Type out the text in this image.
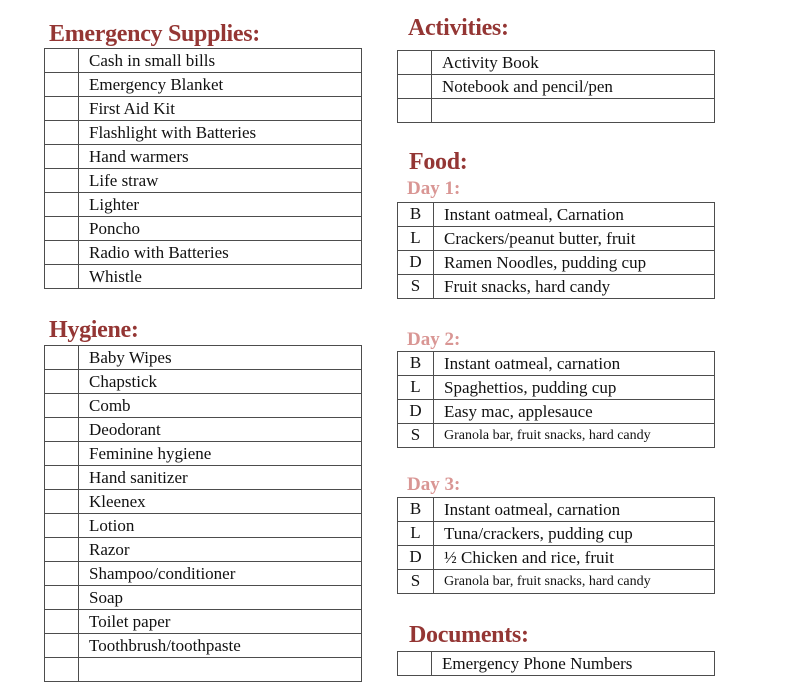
Emergency Supplies:
Cash in small bills
Emergency Blanket
First Aid Kit
Flashlight with Batteries
Hand warmers
Life straw
Lighter
Poncho
Radio with Batteries
Whistle
Hygiene:
Baby Wipes
Chapstick
Comb
Deodorant
Feminine hygiene
Hand sanitizer
Kleenex
Lotion
Razor
Shampoo/conditioner
Soap
Toilet paper
Toothbrush/toothpaste
Activities:
Activity Book
Notebook and pencil/pen
Food:
Day 1:
B	Instant oatmeal, Carnation
L	Crackers/peanut butter, fruit
D	Ramen Noodles, pudding cup
S	Fruit snacks, hard candy
Day 2:
B	Instant oatmeal, carnation
L	Spaghettios, pudding cup
D	Easy mac, applesauce
S	Granola bar, fruit snacks, hard candy
Day 3:
B	Instant oatmeal, carnation
L	Tuna/crackers, pudding cup
D	½ Chicken and rice, fruit
S	Granola bar, fruit snacks, hard candy
Documents:
Emergency Phone Numbers
